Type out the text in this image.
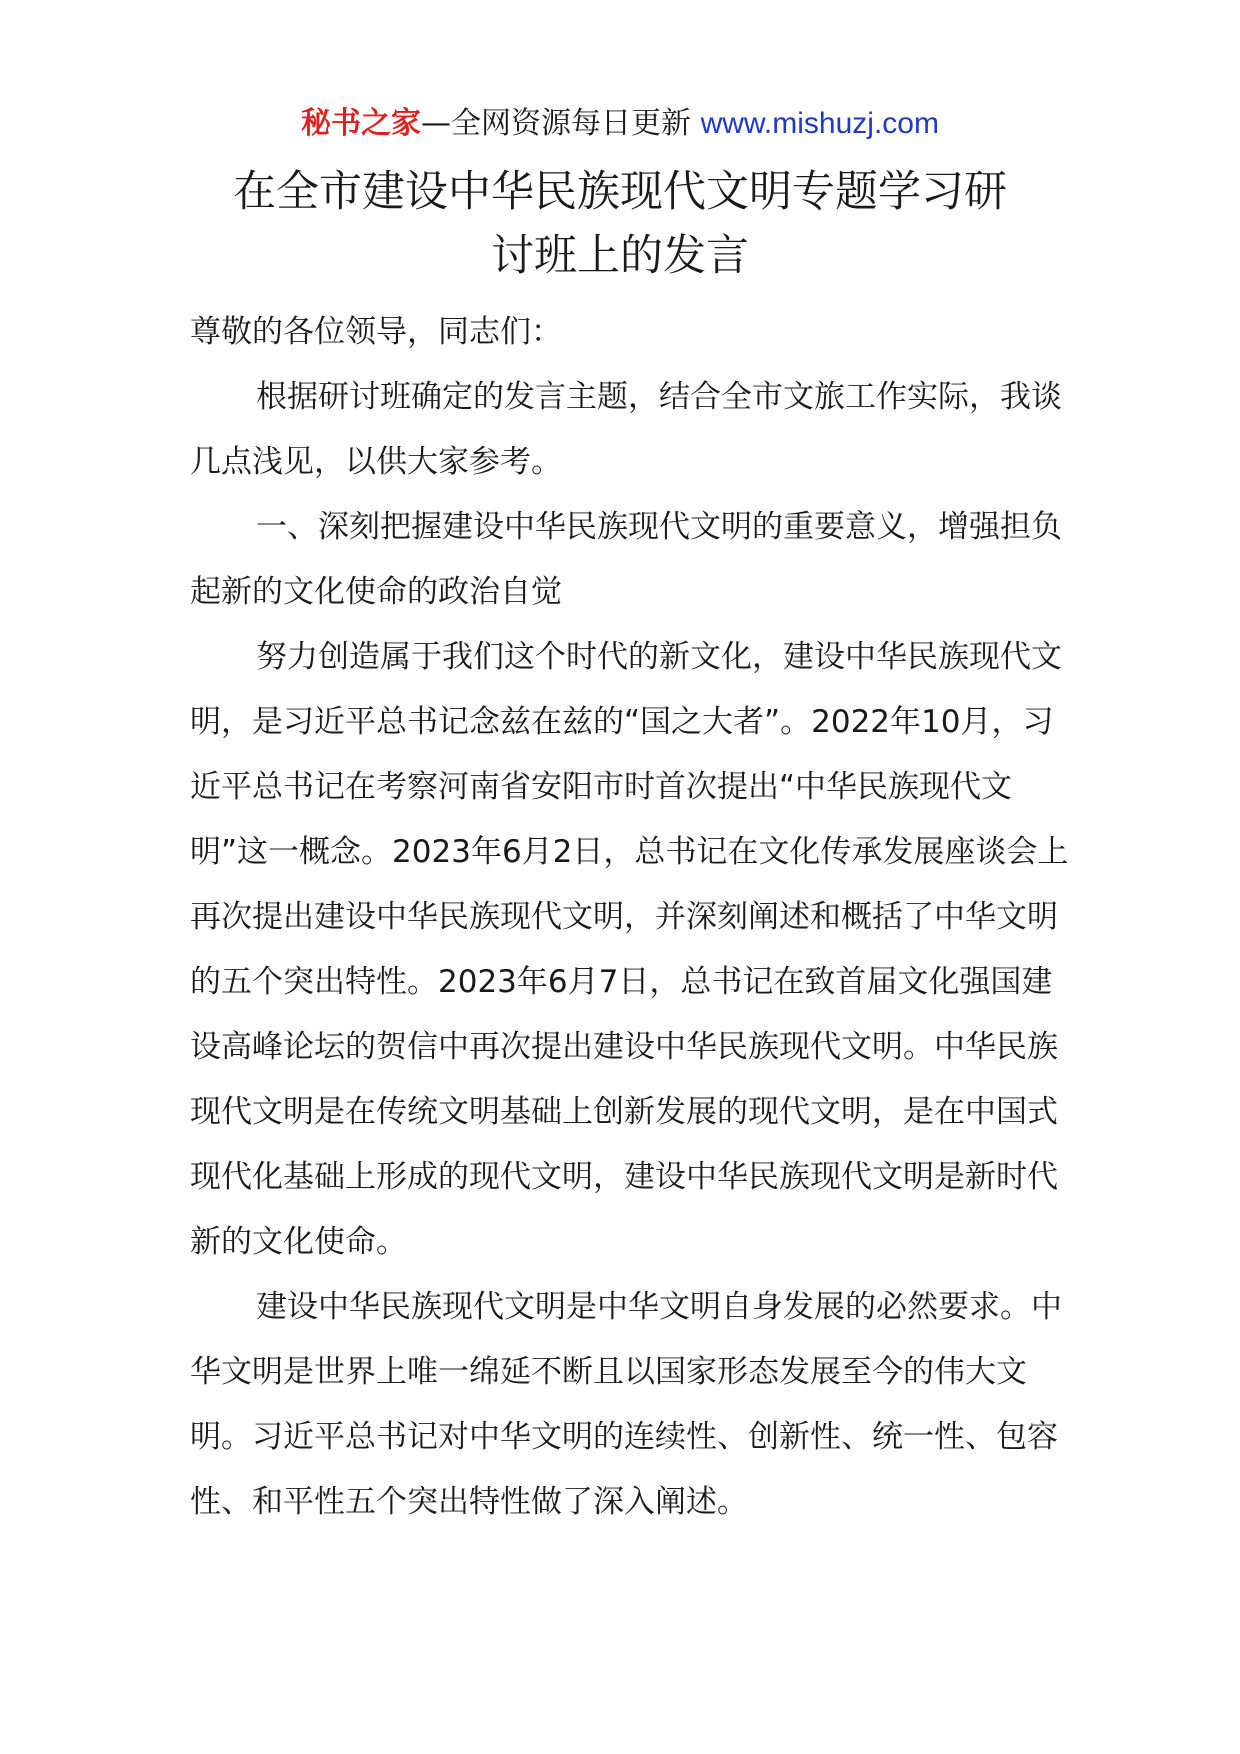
秘书之家—全网资源每日更新 www.mishuzj.com
在全市建设中华民族现代文明专题学习研
讨班上的发言

尊敬的各位领导，同志们：

根据研讨班确定的发言主题，结合全市文旅工作实际，我谈几点浅见，以供大家参考。

一、深刻把握建设中华民族现代文明的重要意义，增强担负起新的文化使命的政治自觉

努力创造属于我们这个时代的新文化，建设中华民族现代文明，是习近平总书记念兹在兹的“国之大者”。2022年10月，习近平总书记在考察河南省安阳市时首次提出“中华民族现代文明”这一概念。2023年6月2日，总书记在文化传承发展座谈会上再次提出建设中华民族现代文明，并深刻阐述和概括了中华文明的五个突出特性。2023年6月7日，总书记在致首届文化强国建设高峰论坛的贺信中再次提出建设中华民族现代文明。中华民族现代文明是在传统文明基础上创新发展的现代文明，是在中国式现代化基础上形成的现代文明，建设中华民族现代文明是新时代新的文化使命。

建设中华民族现代文明是中华文明自身发展的必然要求。中华文明是世界上唯一绵延不断且以国家形态发展至今的伟大文明。习近平总书记对中华文明的连续性、创新性、统一性、包容性、和平性五个突出特性做了深入阐述。
